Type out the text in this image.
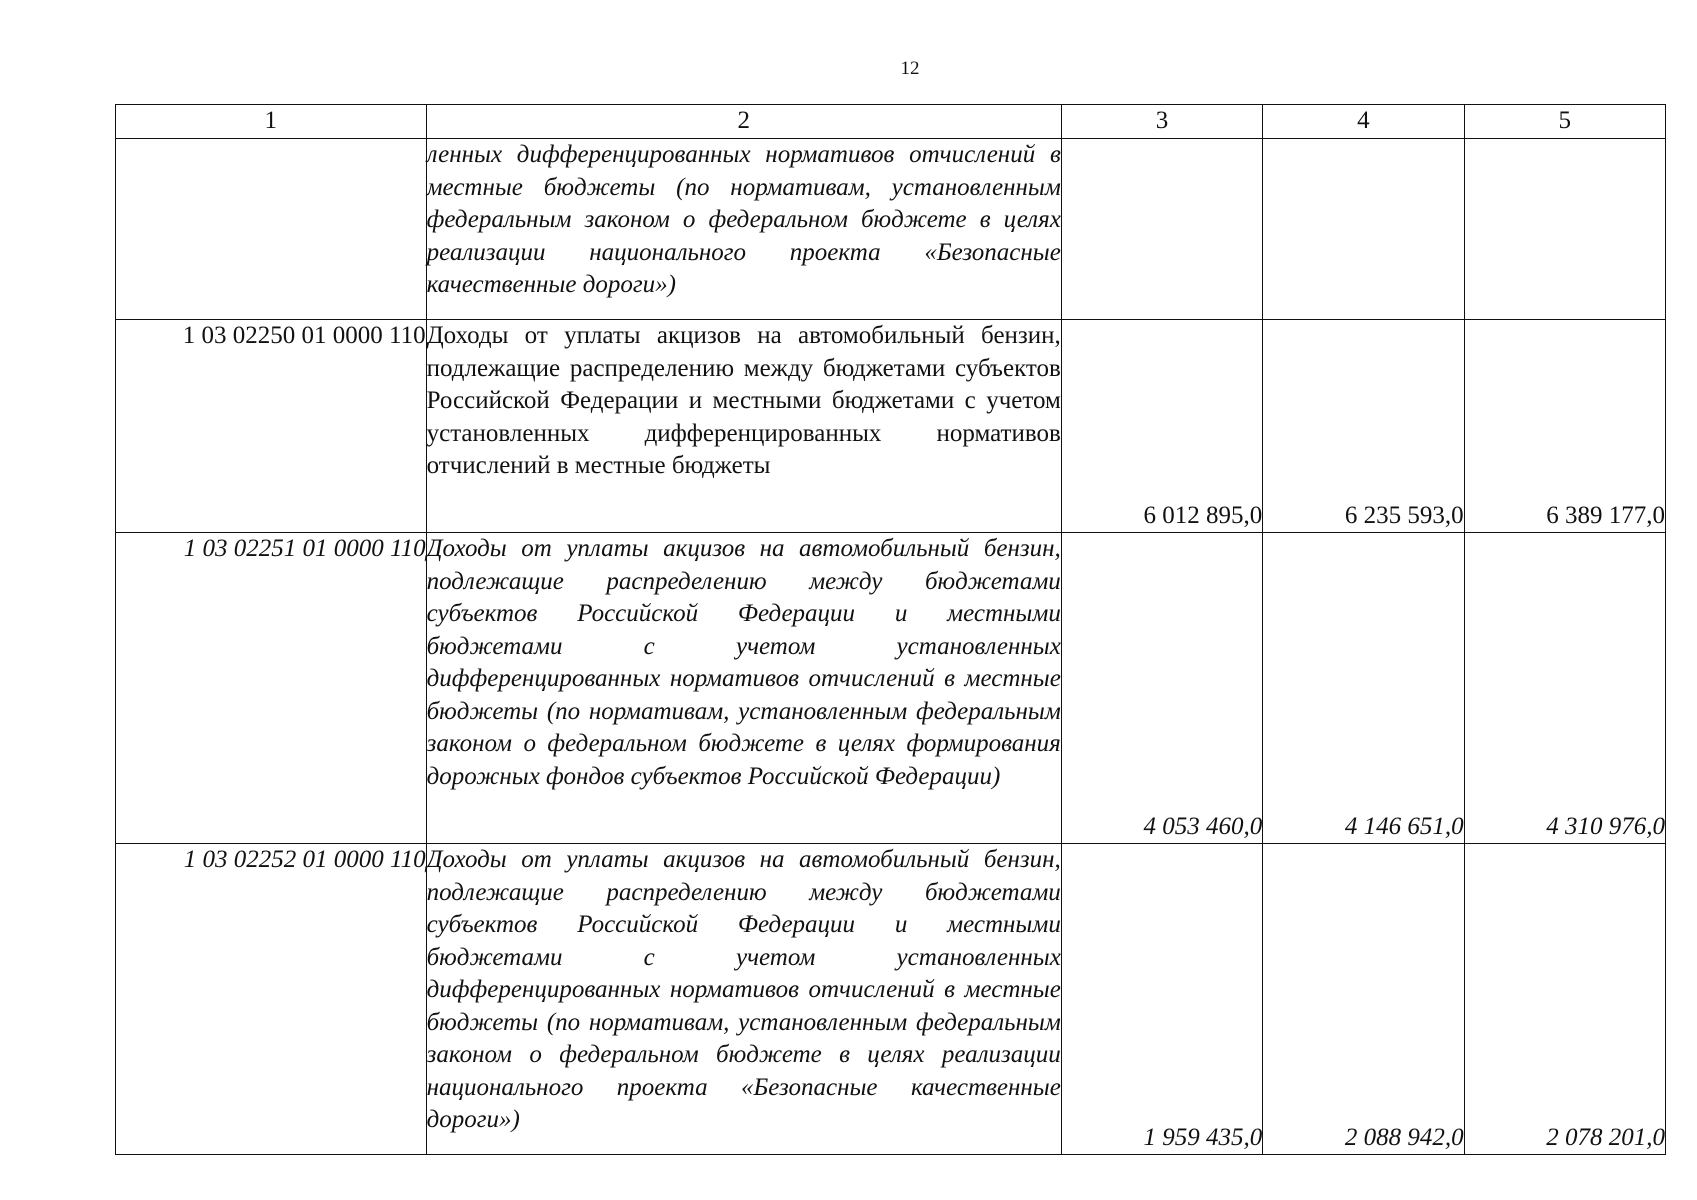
12
1	2	3	4	5
	ленных дифференцированных нормативов отчислений в местные бюджеты (по нормативам, установленным федеральным законом о федеральном бюджете в целях реализации национального проекта «Безопасные качественные дороги»)			
1 03 02250 01 0000 110	Доходы от уплаты акцизов на автомобильный бензин, подлежащие распределению между бюджетами субъектов Российской Федерации и местными бюджетами с учетом установленных дифференцированных нормативов отчислений в местные бюджеты	6 012 895,0	6 235 593,0	6 389 177,0
1 03 02251 01 0000 110	Доходы от уплаты акцизов на автомобильный бензин, подлежащие распределению между бюджетами субъектов Российской Федерации и местными бюджетами с учетом установленных дифференцированных нормативов отчислений в местные бюджеты (по нормативам, установленным федеральным законом о федеральном бюджете в целях формирования дорожных фондов субъектов Российской Федерации)	4 053 460,0	4 146 651,0	4 310 976,0
1 03 02252 01 0000 110	Доходы от уплаты акцизов на автомобильный бензин, подлежащие распределению между бюджетами субъектов Российской Федерации и местными бюджетами с учетом установленных дифференцированных нормативов отчислений в местные бюджеты (по нормативам, установленным федеральным законом о федеральном бюджете в целях реализации национального проекта «Безопасные качественные дороги»)	1 959 435,0	2 088 942,0	2 078 201,0
